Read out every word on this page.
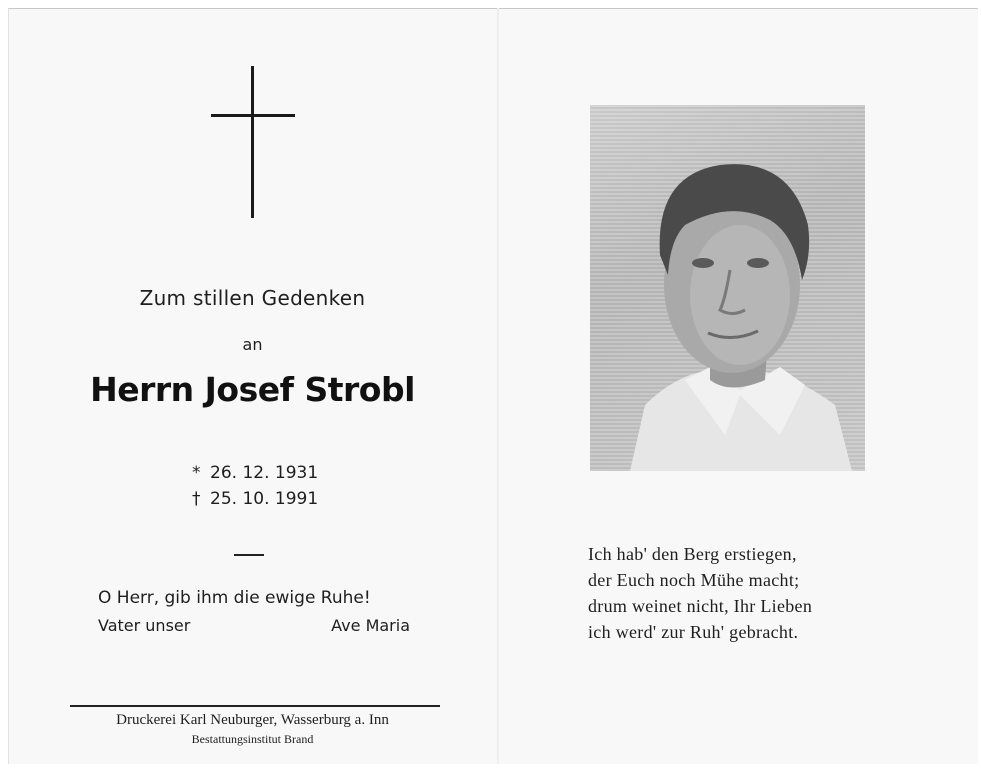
Zum stillen Gedenken
an
Herrn Josef Strobl
* 26. 12. 1931
† 25. 10. 1991
O Herr, gib ihm die ewige Ruhe!
Vater unser	Ave Maria
Druckerei Karl Neuburger, Wasserburg a. Inn
Bestattungsinstitut Brand
Ich hab' den Berg erstiegen,
der Euch noch Mühe macht;
drum weinet nicht, Ihr Lieben
ich werd' zur Ruh' gebracht.
